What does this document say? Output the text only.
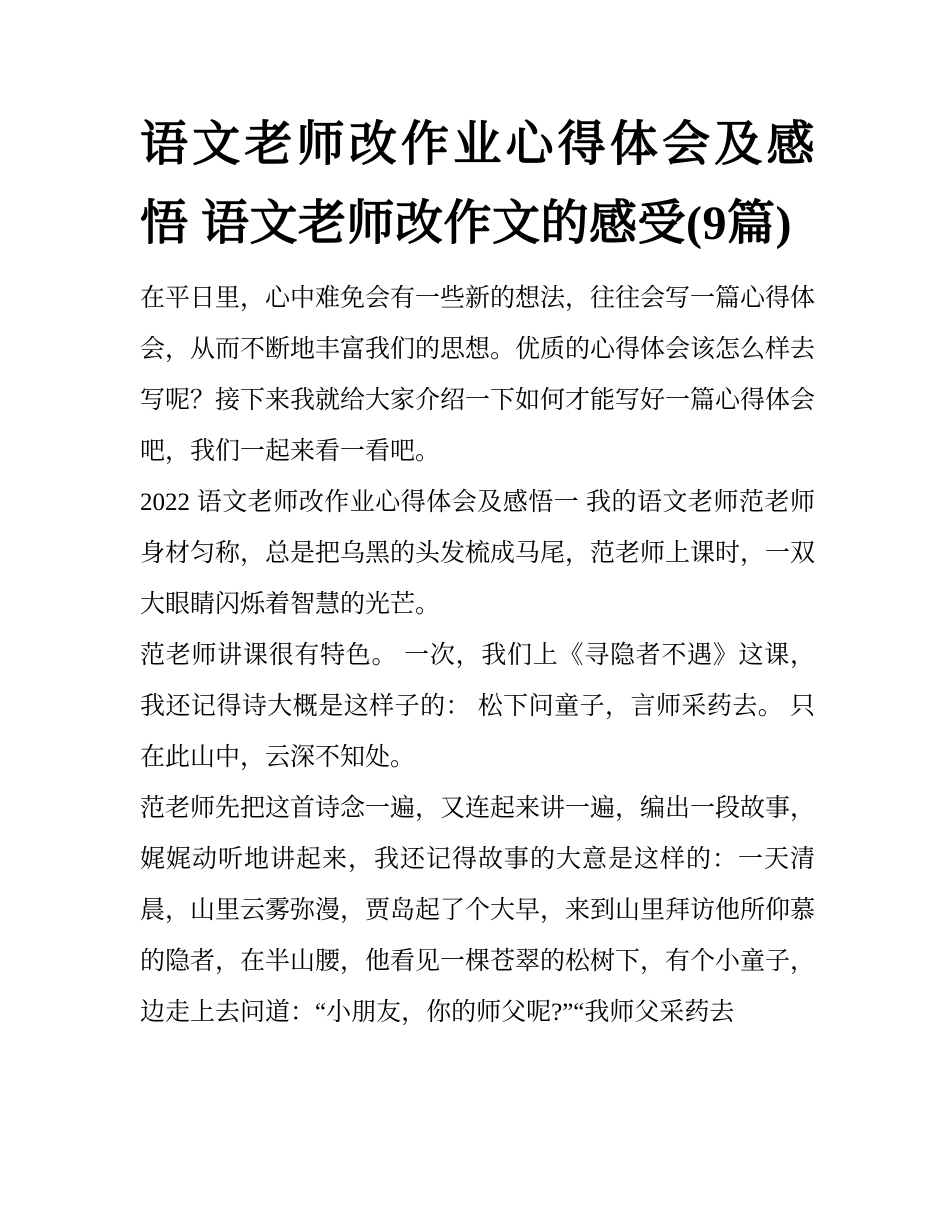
语文老师改作业心得体会及感悟 语文老师改作文的感受(9篇)

在平日里，心中难免会有一些新的想法，往往会写一篇心得体会，从而不断地丰富我们的思想。优质的心得体会该怎么样去写呢？接下来我就给大家介绍一下如何才能写好一篇心得体会吧，我们一起来看一看吧。

2022 语文老师改作业心得体会及感悟一 我的语文老师范老师身材匀称，总是把乌黑的头发梳成马尾，范老师上课时，一双大眼睛闪烁着智慧的光芒。

范老师讲课很有特色。 一次，我们上《寻隐者不遇》这课，我还记得诗大概是这样子的： 松下问童子，言师采药去。 只在此山中，云深不知处。

范老师先把这首诗念一遍，又连起来讲一遍，编出一段故事，娓娓动听地讲起来，我还记得故事的大意是这样的：一天清晨，山里云雾弥漫，贾岛起了个大早，来到山里拜访他所仰慕的隐者，在半山腰，他看见一棵苍翠的松树下，有个小童子，边走上去问道：“小朋友，你的师父呢?”“我师父采药去
